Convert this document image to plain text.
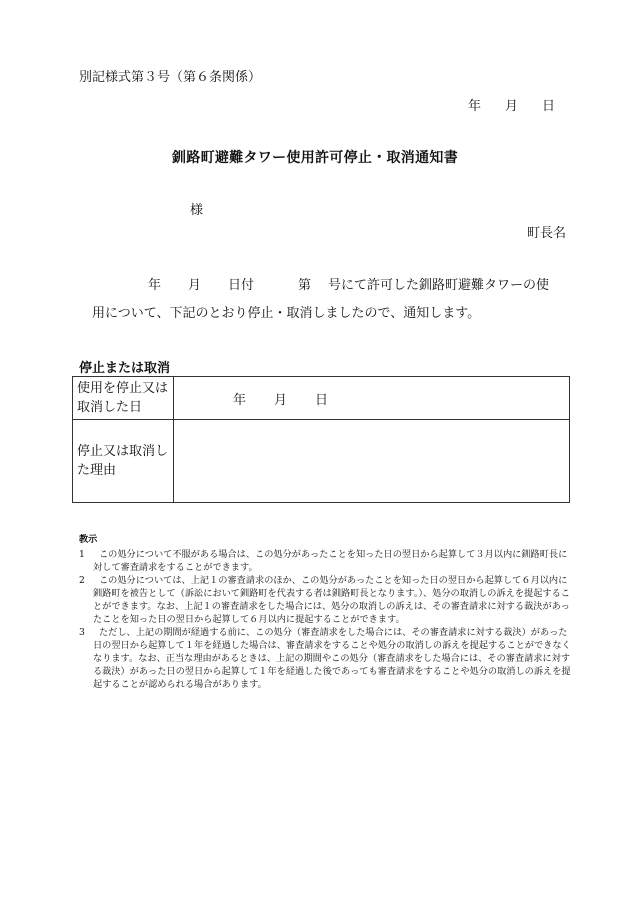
別記様式第３号（第６条関係）
年 月 日
釧路町避難タワー使用許可停止・取消通知書
様
町長名
年 月 日付	第 号にて許可した釧路町避難タワーの使
用について、下記のとおり停止・取消しましたので、通知します。
停止または取消
使用を停止又は取消した日	年 月 日
停止又は取消した理由	
教示
1	この処分について不服がある場合は、この処分があったことを知った日の翌日から起算して３月以内に釧路町長に対して審査請求をすることができます。
2	この処分については、上記１の審査請求のほか、この処分があったことを知った日の翌日から起算して６月以内に釧路町を被告として（訴訟において釧路町を代表する者は釧路町長となります。）、処分の取消しの訴えを提起することができます。なお、上記１の審査請求をした場合には、処分の取消しの訴えは、その審査請求に対する裁決があったことを知った日の翌日から起算して６月以内に提起することができます。
3	ただし、上記の期間が経過する前に、この処分（審査請求をした場合には、その審査請求に対する裁決）があった日の翌日から起算して１年を経過した場合は、審査請求をすることや処分の取消しの訴えを提起することができなくなります。なお、正当な理由があるときは、上記の期間やこの処分（審査請求をした場合には、その審査請求に対する裁決）があった日の翌日から起算して１年を経過した後であっても審査請求をすることや処分の取消しの訴えを提起することが認められる場合があります。
